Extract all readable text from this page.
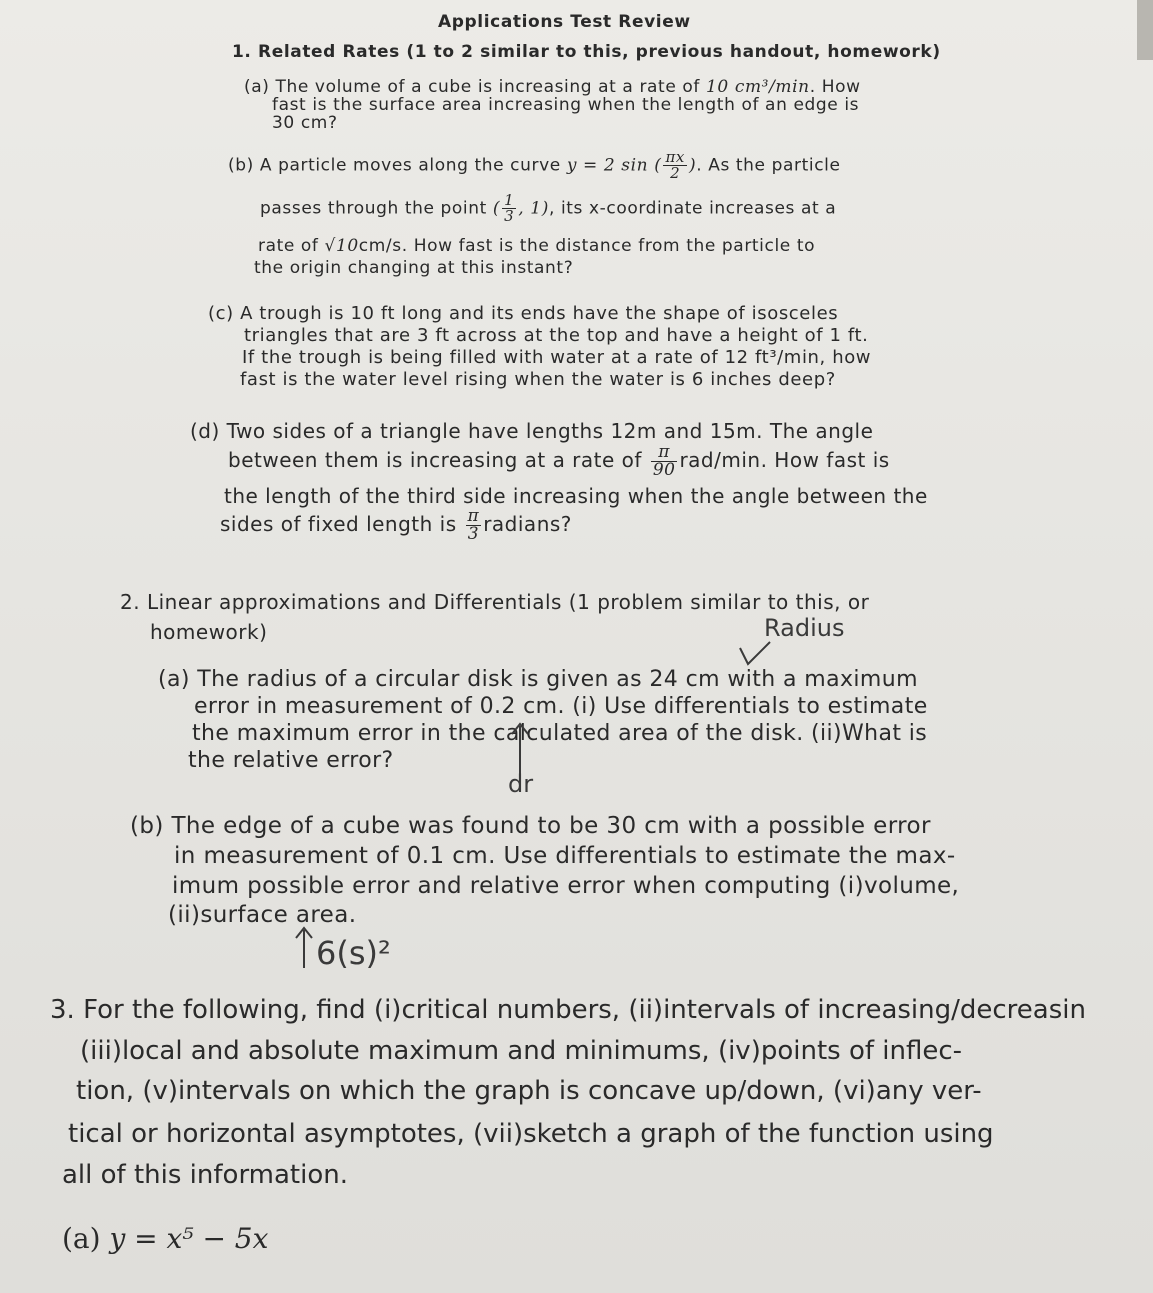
Applications Test Review
1. Related Rates (1 to 2 similar to this, previous handout, homework)
(a) The volume of a cube is increasing at a rate of 10 cm³/min. How
fast is the surface area increasing when the length of an edge is
30 cm?
(b) A particle moves along the curve y = 2 sin ( $\frac{\pi x}{2}$ ). As the particle
passes through the point ( $\frac{1}{3}$ , 1), its x-coordinate increases at a
rate of √10cm/s. How fast is the distance from the particle to
the origin changing at this instant?
(c) A trough is 10 ft long and its ends have the shape of isosceles
triangles that are 3 ft across at the top and have a height of 1 ft.
If the trough is being filled with water at a rate of 12 ft³/min, how
fast is the water level rising when the water is 6 inches deep?
(d) Two sides of a triangle have lengths 12m and 15m. The angle
between them is increasing at a rate of $\frac{\pi}{90} rad/\min$. How fast is
the length of the third side increasing when the angle between the
sides of fixed length is $\frac{\pi}{3}$ radians?
2. Linear approximations and Differentials (1 problem similar to this, or
homework)	Radius
(a) The radius of a circular disk is given as 24 cm with a maximum
error in measurement of 0.2 cm. (i) Use differentials to estimate
the maximum error in the calculated area of the disk. (ii)What is
the relative error?
dr
(b) The edge of a cube was found to be 30 cm with a possible error
in measurement of 0.1 cm. Use differentials to estimate the max-
imum possible error and relative error when computing (i)volume,
(ii)surface area.
6(s)²
3. For the following, find (i)critical numbers, (ii)intervals of increasing/decreasin
(iii)local and absolute maximum and minimums, (iv)points of inflec-
tion, (v)intervals on which the graph is concave up/down, (vi)any ver-
tical or horizontal asymptotes, (vii)sketch a graph of the function using
all of this information.
(a) y = x⁵ − 5x
